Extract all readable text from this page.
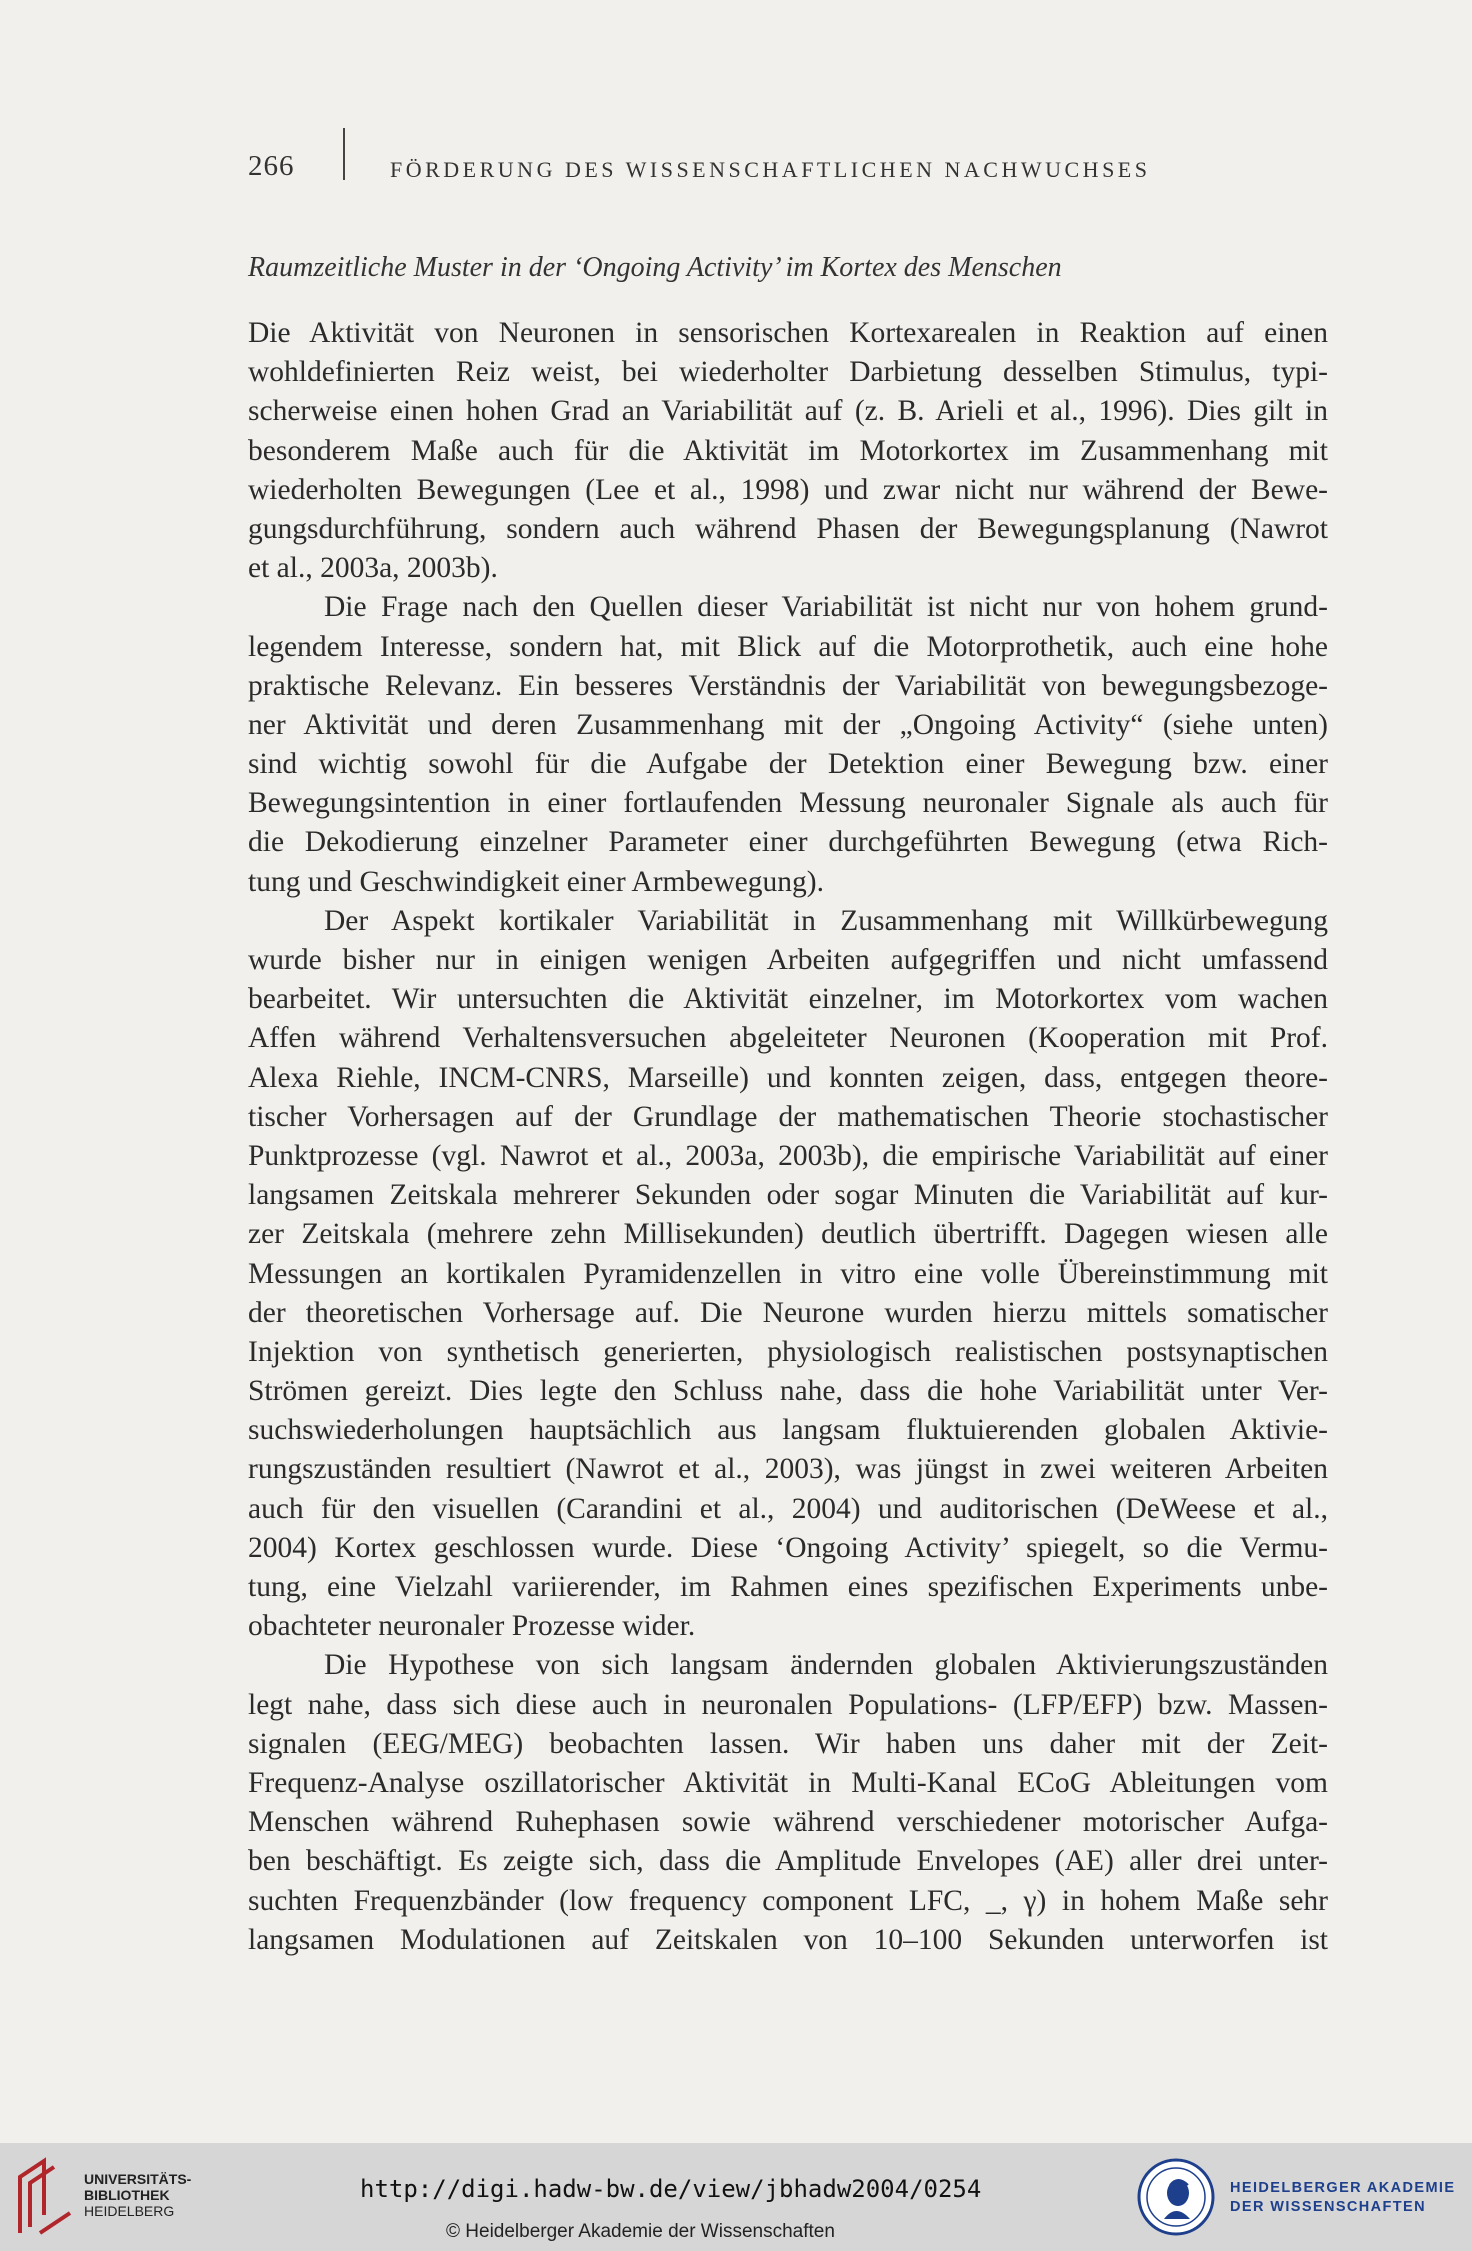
266	FÖRDERUNG DES WISSENSCHAFTLICHEN NACHWUCHSES
Raumzeitliche Muster in der ‘Ongoing Activity’ im Kortex des Menschen
Die Aktivität von Neuronen in sensorischen Kortexarealen in Reaktion auf einen
wohldefinierten Reiz weist, bei wiederholter Darbietung desselben Stimulus, typi-
scherweise einen hohen Grad an Variabilität auf (z. B. Arieli et al., 1996). Dies gilt in
besonderem Maße auch für die Aktivität im Motorkortex im Zusammenhang mit
wiederholten Bewegungen (Lee et al., 1998) und zwar nicht nur während der Bewe-
gungsdurchführung, sondern auch während Phasen der Bewegungsplanung (Nawrot
et al., 2003a, 2003b).
Die Frage nach den Quellen dieser Variabilität ist nicht nur von hohem grund-
legendem Interesse, sondern hat, mit Blick auf die Motorprothetik, auch eine hohe
praktische Relevanz. Ein besseres Verständnis der Variabilität von bewegungsbezoge-
ner Aktivität und deren Zusammenhang mit der „Ongoing Activity“ (siehe unten)
sind wichtig sowohl für die Aufgabe der Detektion einer Bewegung bzw. einer
Bewegungsintention in einer fortlaufenden Messung neuronaler Signale als auch für
die Dekodierung einzelner Parameter einer durchgeführten Bewegung (etwa Rich-
tung und Geschwindigkeit einer Armbewegung).
Der Aspekt kortikaler Variabilität in Zusammenhang mit Willkürbewegung
wurde bisher nur in einigen wenigen Arbeiten aufgegriffen und nicht umfassend
bearbeitet. Wir untersuchten die Aktivität einzelner, im Motorkortex vom wachen
Affen während Verhaltensversuchen abgeleiteter Neuronen (Kooperation mit Prof.
Alexa Riehle, INCM-CNRS, Marseille) und konnten zeigen, dass, entgegen theore-
tischer Vorhersagen auf der Grundlage der mathematischen Theorie stochastischer
Punktprozesse (vgl. Nawrot et al., 2003a, 2003b), die empirische Variabilität auf einer
langsamen Zeitskala mehrerer Sekunden oder sogar Minuten die Variabilität auf kur-
zer Zeitskala (mehrere zehn Millisekunden) deutlich übertrifft. Dagegen wiesen alle
Messungen an kortikalen Pyramidenzellen in vitro eine volle Übereinstimmung mit
der theoretischen Vorhersage auf. Die Neurone wurden hierzu mittels somatischer
Injektion von synthetisch generierten, physiologisch realistischen postsynaptischen
Strömen gereizt. Dies legte den Schluss nahe, dass die hohe Variabilität unter Ver-
suchswiederholungen hauptsächlich aus langsam fluktuierenden globalen Aktivie-
rungszuständen resultiert (Nawrot et al., 2003), was jüngst in zwei weiteren Arbeiten
auch für den visuellen (Carandini et al., 2004) und auditorischen (DeWeese et al.,
2004) Kortex geschlossen wurde. Diese ‘Ongoing Activity’ spiegelt, so die Vermu-
tung, eine Vielzahl variierender, im Rahmen eines spezifischen Experiments unbe-
obachteter neuronaler Prozesse wider.
Die Hypothese von sich langsam ändernden globalen Aktivierungszuständen
legt nahe, dass sich diese auch in neuronalen Populations- (LFP/EFP) bzw. Massen-
signalen (EEG/MEG) beobachten lassen. Wir haben uns daher mit der Zeit-
Frequenz-Analyse oszillatorischer Aktivität in Multi-Kanal ECoG Ableitungen vom
Menschen während Ruhephasen sowie während verschiedener motorischer Aufga-
ben beschäftigt. Es zeigte sich, dass die Amplitude Envelopes (AE) aller drei unter-
suchten Frequenzbänder (low frequency component LFC, _, γ) in hohem Maße sehr
langsamen Modulationen auf Zeitskalen von 10–100 Sekunden unterworfen ist
UNIVERSITÄTS-
BIBLIOTHEK
HEIDELBERG
http://digi.hadw-bw.de/view/jbhadw2004/0254
© Heidelberger Akademie der Wissenschaften
HEIDELBERGER AKADEMIE
DER WISSENSCHAFTEN
